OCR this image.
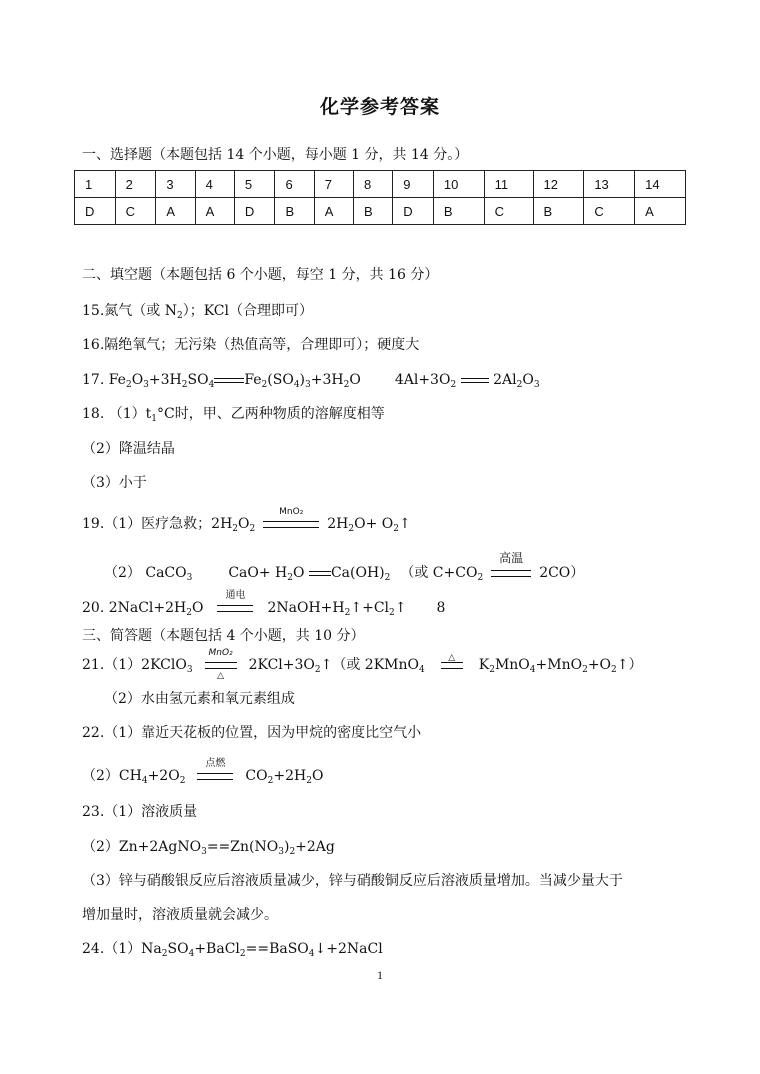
化学参考答案
一、选择题（本题包括 14 个小题，每小题 1 分，共 14 分。）
1	2	3	4	5	6	7	8	9	10	11	12	13	14
D	C	A	A	D	B	A	B	D	B	C	B	C	A
二、填空题（本题包括 6 个小题，每空 1 分，共 16 分）
15.氮气（或 $N_2$）；KCl（合理即可）
16.隔绝氧气；无污染（热值高等，合理即可）；硬度大
17. $Fe_2O_3+3H_2SO_4$ $Fe_2(SO_4)_3+3H_2O$ $4Al+3O_2$  $2Al_2O_3$
18. $(1)t_1^\circ C$时，甲、乙两种物质的溶解度相等
（2）降温结晶
（3）小于
19.（1）医疗急救；$2H_2O_2$
MnO₂
$2H_2O+$ $O_2↑$
（2） CaCO$_3$	$CaO+ H_2O$ $Ca(OH)_2$ （或 $C+CO_2$
高温
2CO）
20. $2NaCl+2H_2O$
通电
$2NaOH+H_2↑+Cl_2↑$ 8
三、简答题（本题包括 4 个小题，共 10 分）
21.（1）2KClO$_3$
MnO₂
△
$2KCl+3O_2↑$（或 2KMnO$_4$
△	$K_2MnO_4+MnO_2+O_2↑$）
（2）水由氢元素和氧元素组成
22.（1）靠近天花板的位置，因为甲烷的密度比空气小
$(2)CH_4+2O_2$
点燃
$CO_2+2H_2O$
23.（1）溶液质量
$(2)Zn+2AgNO_3==Zn(NO_3)_2+2Ag$
（3）锌与硝酸银反应后溶液质量减少，锌与硝酸铜反应后溶液质量增加。当减少量大于
增加量时，溶液质量就会减少。
$24.(1)Na_2SO_4+BaCl_2==BaSO_4↓+2NaCl$
1
